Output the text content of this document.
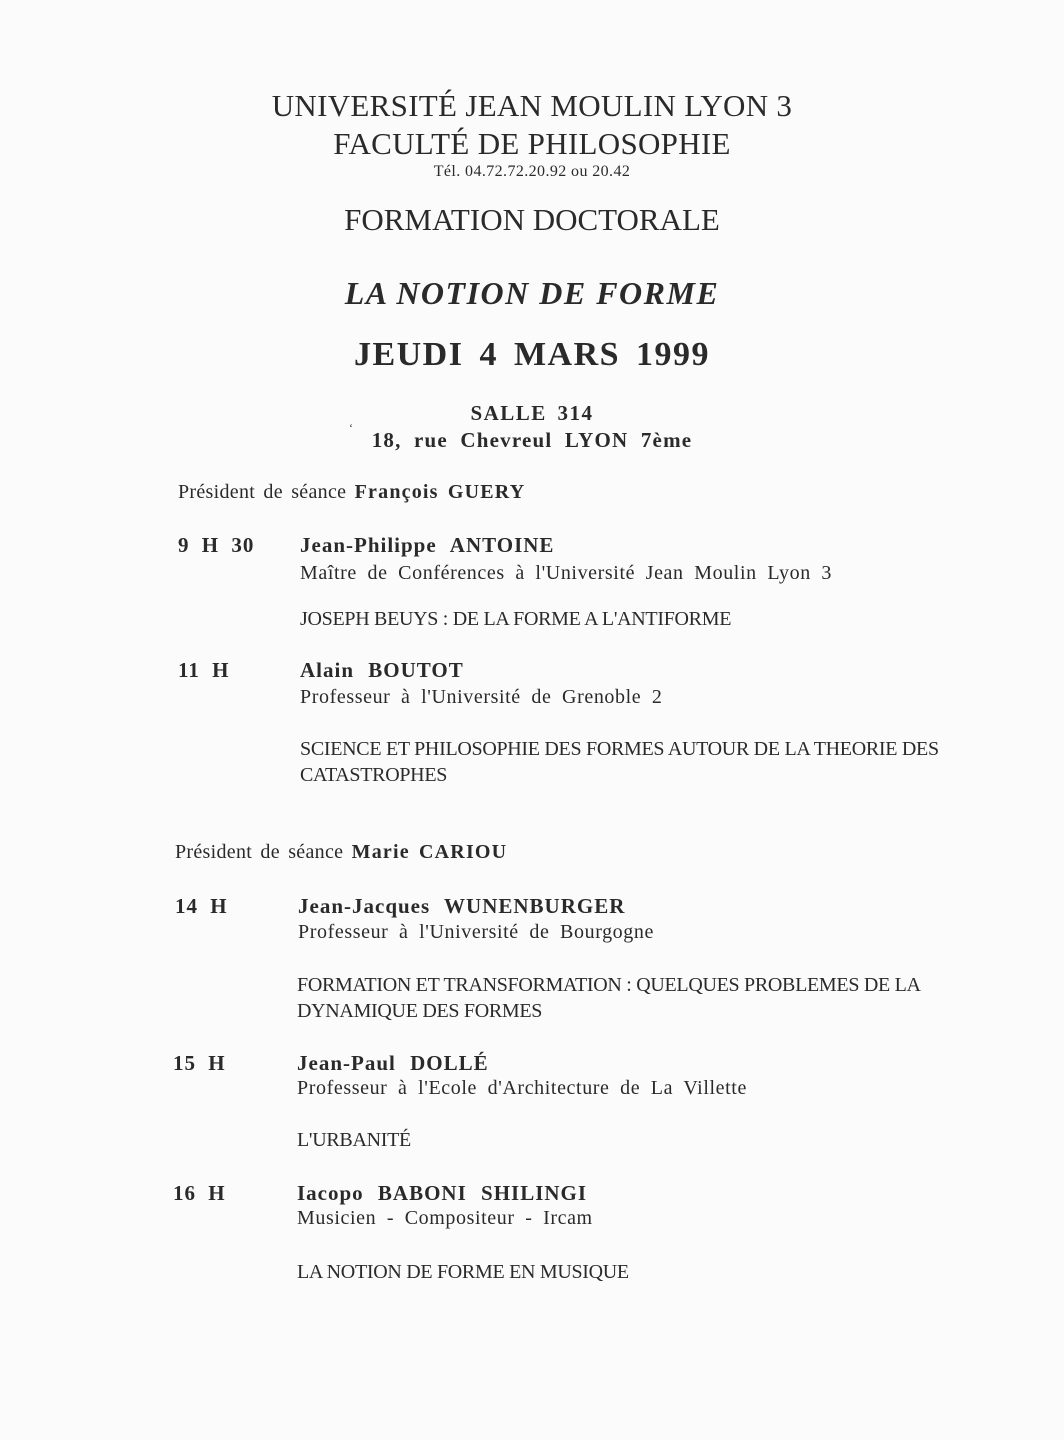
UNIVERSITÉ JEAN MOULIN LYON 3
FACULTÉ DE PHILOSOPHIE
Tél. 04.72.72.20.92 ou 20.42
FORMATION DOCTORALE
LA NOTION DE FORME
JEUDI 4 MARS 1999
SALLE 314
‘ 18, rue Chevreul LYON 7ème
Président de séance François GUERY
9 H 30 Jean-Philippe ANTOINE
Maître de Conférences à l'Université Jean Moulin Lyon 3
JOSEPH BEUYS : DE LA FORME A L'ANTIFORME
11 H	Alain BOUTOT
Professeur à l'Université de Grenoble 2
SCIENCE ET PHILOSOPHIE DES FORMES AUTOUR DE LA THEORIE DES CATASTROPHES
Président de séance Marie CARIOU
14 H	Jean-Jacques WUNENBURGER
Professeur à l'Université de Bourgogne
FORMATION ET TRANSFORMATION : QUELQUES PROBLEMES DE LA DYNAMIQUE DES FORMES
15 H	Jean-Paul DOLLÉ
Professeur à l'Ecole d'Architecture de La Villette
L'URBANITÉ
16 H	Iacopo BABONI SHILINGI
Musicien - Compositeur - Ircam
LA NOTION DE FORME EN MUSIQUE
